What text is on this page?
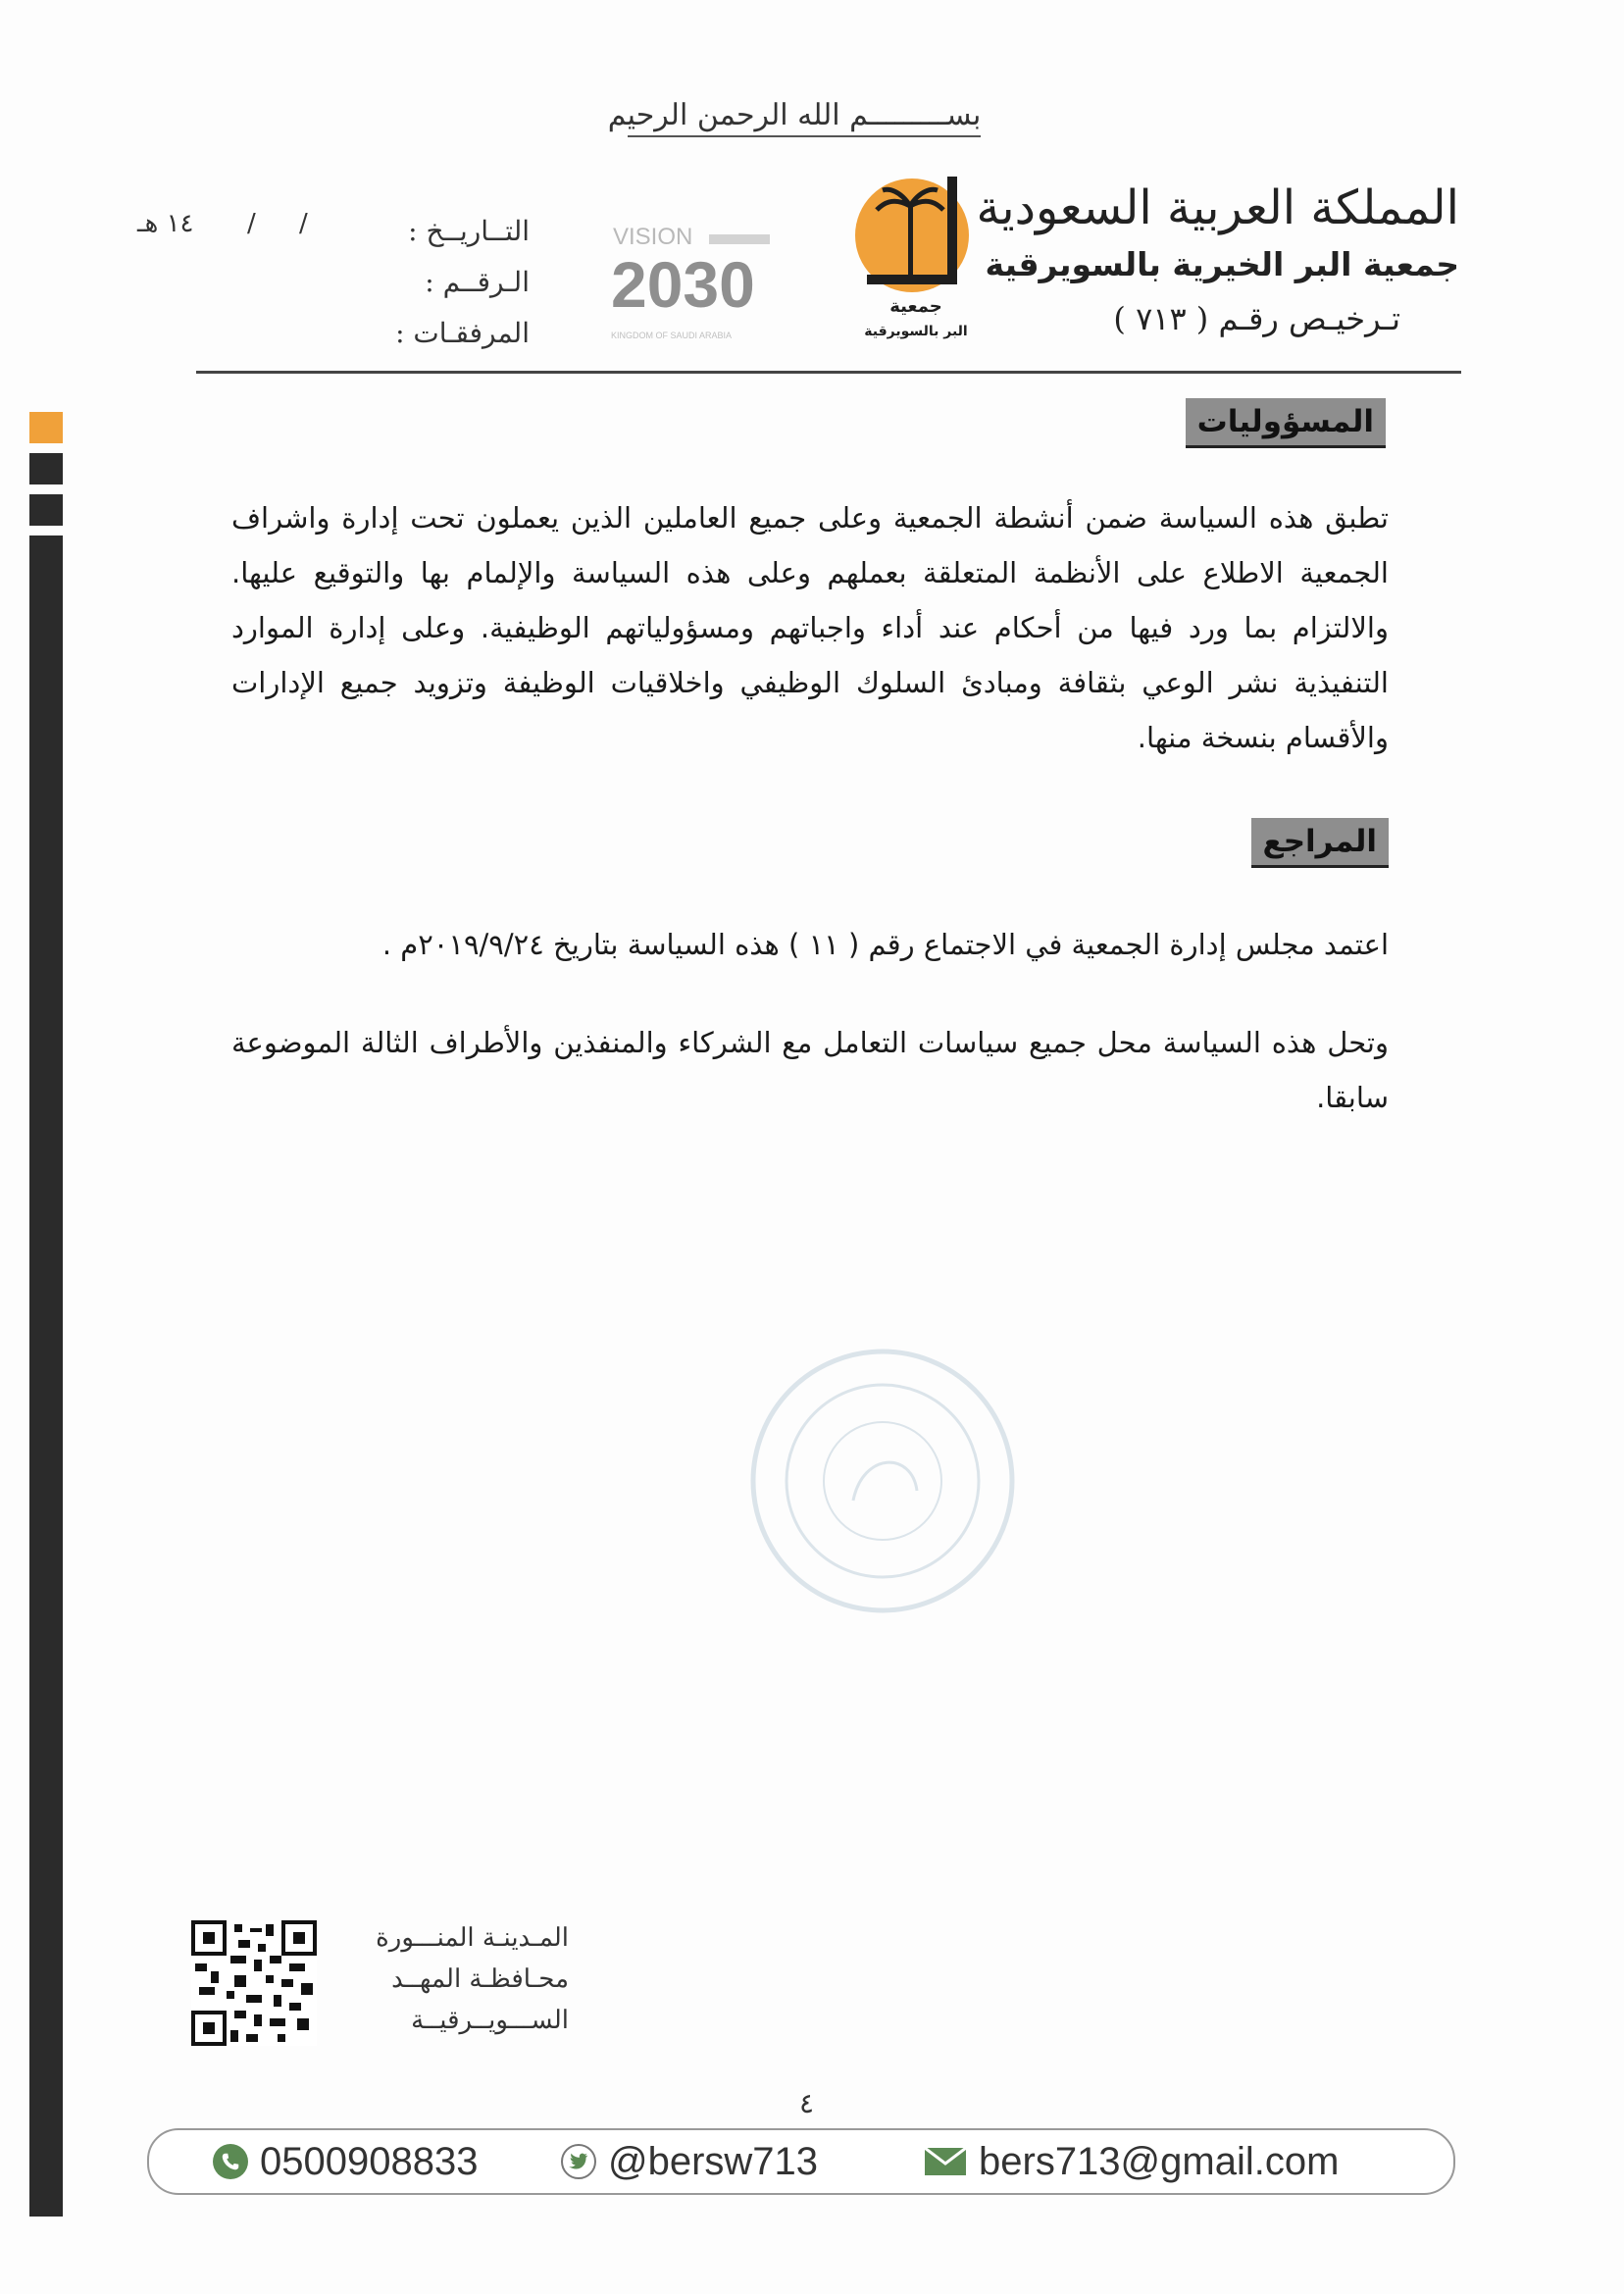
بســـــــــم الله الرحمن الرحيم
المملكة العربية السعودية
جمعية البر الخيرية بالسويرقية
تـرخيـص رقـم ( ٧١٣ )
جمعية
البر بالسويرقية
VISION
2030
KINGDOM OF SAUDI ARABIA
التــاريــخ :
الـرقــم :
المرفقـات :
١٤ هـ / /
المسؤوليات
تطبق هذه السياسة ضمن أنشطة الجمعية وعلى جميع العاملين الذين يعملون تحت إدارة واشراف الجمعية الاطلاع على الأنظمة المتعلقة بعملهم وعلى هذه السياسة والإلمام بها والتوقيع عليها. والالتزام بما ورد فيها من أحكام عند أداء واجباتهم ومسؤولياتهم الوظيفية. وعلى إدارة الموارد التنفيذية نشر الوعي بثقافة ومبادئ السلوك الوظيفي واخلاقيات الوظيفة وتزويد جميع الإدارات والأقسام بنسخة منها.
المراجع
اعتمد مجلس إدارة الجمعية في الاجتماع رقم ( ١١ ) هذه السياسة بتاريخ ٢٠١٩/٩/٢٤م .
وتحل هذه السياسة محل جميع سياسات التعامل مع الشركاء والمنفذين والأطراف الثالة الموضوعة سابقا.
المـدينـة المنـــورة
محـافظـة المهــد
الســـويــرقيــة
٤
0500908833	@bersw713	bers713@gmail.com
